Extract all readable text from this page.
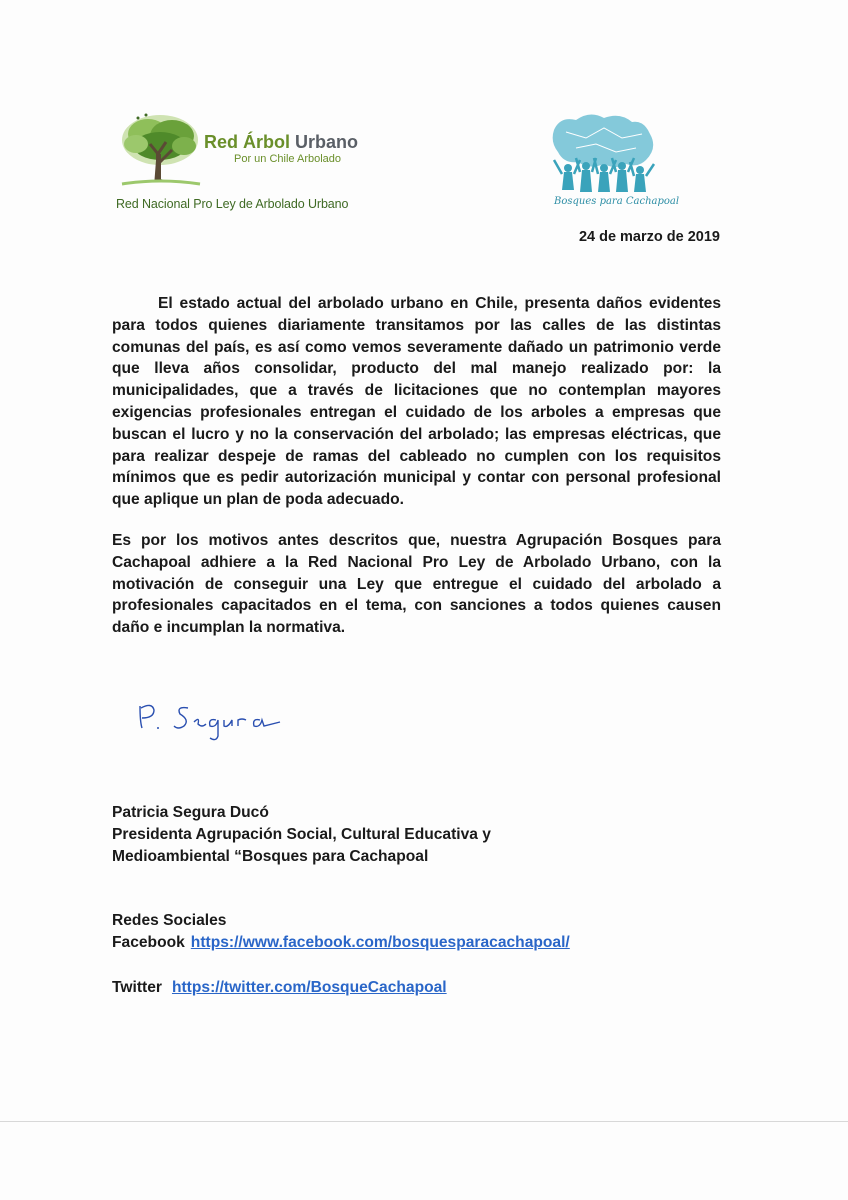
Red Árbol Urbano
Por un Chile Arbolado
Red Nacional Pro Ley de Arbolado Urbano	Bosques para Cachapoal
24 de marzo de 2019

El estado actual del arbolado urbano en Chile, presenta daños evidentes para todos quienes diariamente transitamos por las calles de las distintas comunas del país, es así como vemos severamente dañado un patrimonio verde que lleva años consolidar, producto del mal manejo realizado por: la municipalidades, que a través de licitaciones que no contemplan mayores exigencias profesionales entregan el cuidado de los arboles a empresas que buscan el lucro y no la conservación del arbolado; las empresas eléctricas, que para realizar despeje de ramas del cableado no cumplen con los requisitos mínimos que es pedir autorización municipal y contar con personal profesional que aplique un plan de poda adecuado.

Es por los motivos antes descritos que, nuestra Agrupación Bosques para Cachapoal adhiere a la Red Nacional Pro Ley de Arbolado Urbano, con la motivación de conseguir una Ley que entregue el cuidado del arbolado a profesionales capacitados en el tema, con sanciones a todos quienes causen daño e incumplan la normativa.

Patricia Segura Ducó
Presidenta Agrupación Social, Cultural Educativa y
Medioambiental “Bosques para Cachapoal
Redes Sociales
Facebook https://www.facebook.com/bosquesparacachapoal/
Twitter https://twitter.com/BosqueCachapoal
